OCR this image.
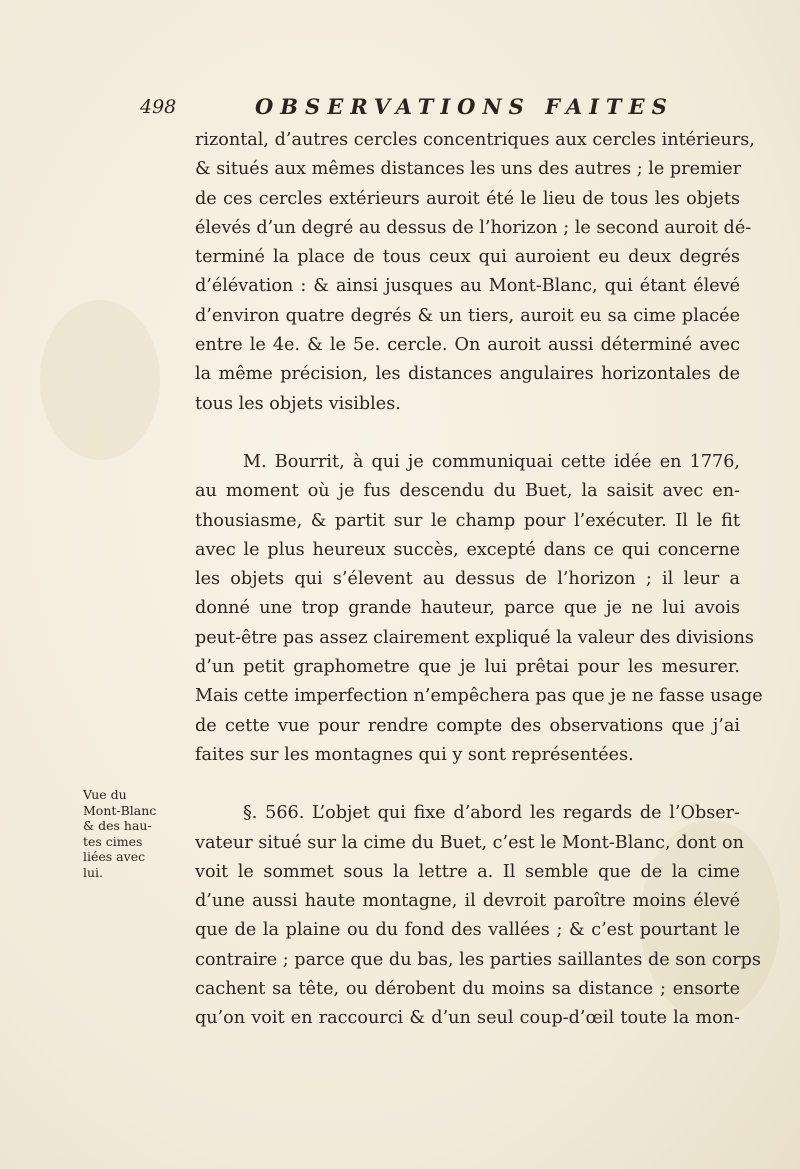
498	OBSERVATIONS FAITES
rizontal, d’autres cercles concentriques aux cercles intérieurs,
& situés aux mêmes distances les uns des autres ; le premier
de ces cercles extérieurs auroit été le lieu de tous les objets
élevés d’un degré au dessus de l’horizon ; le second auroit dé-
terminé la place de tous ceux qui auroient eu deux degrés
d’élévation : & ainsi jusques au Mont-Blanc, qui étant élevé
d’environ quatre degrés & un tiers, auroit eu sa cime placée
entre le 4e. & le 5e. cercle. On auroit aussi déterminé avec
la même précision, les distances angulaires horizontales de
tous les objets visibles.
M. Bourrit, à qui je communiquai cette idée en 1776,
au moment où je fus descendu du Buet, la saisit avec en-
thousiasme, & partit sur le champ pour l’exécuter. Il le fit
avec le plus heureux succès, excepté dans ce qui concerne
les objets qui s’élevent au dessus de l’horizon ; il leur a
donné une trop grande hauteur, parce que je ne lui avois
peut-être pas assez clairement expliqué la valeur des divisions
d’un petit graphometre que je lui prêtai pour les mesurer.
Mais cette imperfection n’empêchera pas que je ne fasse usage
de cette vue pour rendre compte des observations que j’ai
faites sur les montagnes qui y sont représentées.
§. 566. L’objet qui fixe d’abord les regards de l’Obser-
vateur situé sur la cime du Buet, c’est le Mont-Blanc, dont on
voit le sommet sous la lettre a. Il semble que de la cime
d’une aussi haute montagne, il devroit paroître moins élevé
que de la plaine ou du fond des vallées ; & c’est pourtant le
contraire ; parce que du bas, les parties saillantes de son corps
cachent sa tête, ou dérobent du moins sa distance ; ensorte
qu’on voit en raccourci & d’un seul coup-d’œil toute la mon-
Vue du
Mont-Blanc
& des hau-
tes cimes
liées avec
lui.
